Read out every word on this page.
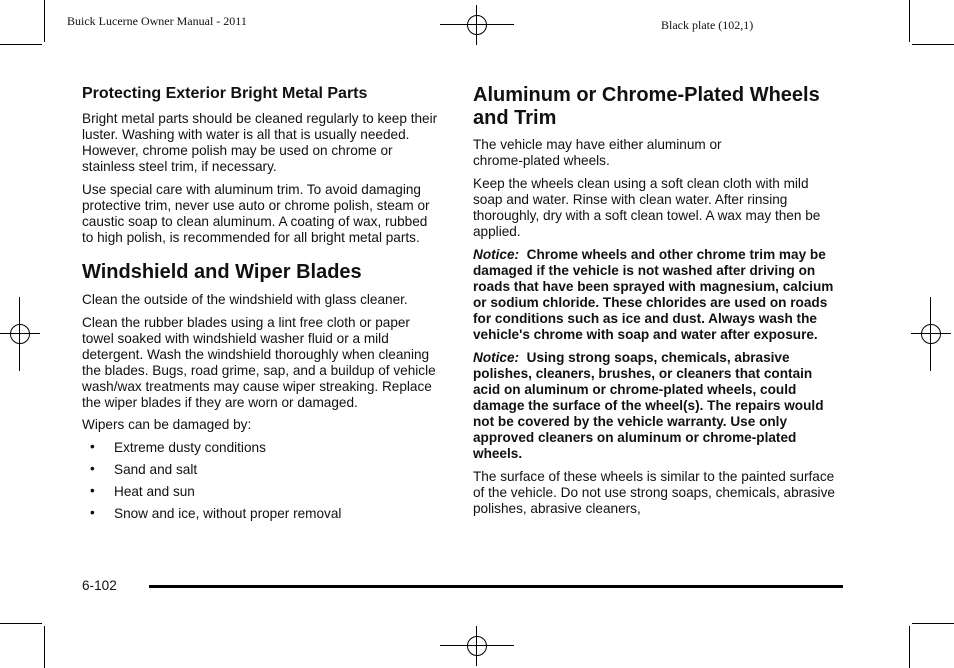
Buick Lucerne Owner Manual - 2011	Black plate (102,1)
Protecting Exterior Bright Metal Parts

Bright metal parts should be cleaned regularly to keep their luster. Washing with water is all that is usually needed. However, chrome polish may be used on chrome or stainless steel trim, if necessary.

Use special care with aluminum trim. To avoid damaging protective trim, never use auto or chrome polish, steam or caustic soap to clean aluminum. A coating of wax, rubbed to high polish, is recommended for all bright metal parts.

Windshield and Wiper Blades

Clean the outside of the windshield with glass cleaner.

Clean the rubber blades using a lint free cloth or paper towel soaked with windshield washer fluid or a mild detergent. Wash the windshield thoroughly when cleaning the blades. Bugs, road grime, sap, and a buildup of vehicle wash/wax treatments may cause wiper streaking. Replace the wiper blades if they are worn or damaged.

Wipers can be damaged by:

• Extreme dusty conditions
• Sand and salt
• Heat and sun
• Snow and ice, without proper removal
Aluminum or Chrome-Plated Wheels
and Trim

The vehicle may have either aluminum or chrome-plated wheels.

Keep the wheels clean using a soft clean cloth with mild soap and water. Rinse with clean water. After rinsing thoroughly, dry with a soft clean towel. A wax may then be applied.

Notice: Chrome wheels and other chrome trim may be damaged if the vehicle is not washed after driving on roads that have been sprayed with magnesium, calcium or sodium chloride. These chlorides are used on roads for conditions such as ice and dust. Always wash the vehicle's chrome with soap and water after exposure.

Notice: Using strong soaps, chemicals, abrasive polishes, cleaners, brushes, or cleaners that contain acid on aluminum or chrome-plated wheels, could damage the surface of the wheel(s). The repairs would not be covered by the vehicle warranty. Use only approved cleaners on aluminum or chrome-plated wheels.

The surface of these wheels is similar to the painted surface of the vehicle. Do not use strong soaps, chemicals, abrasive polishes, abrasive cleaners,

6-102
